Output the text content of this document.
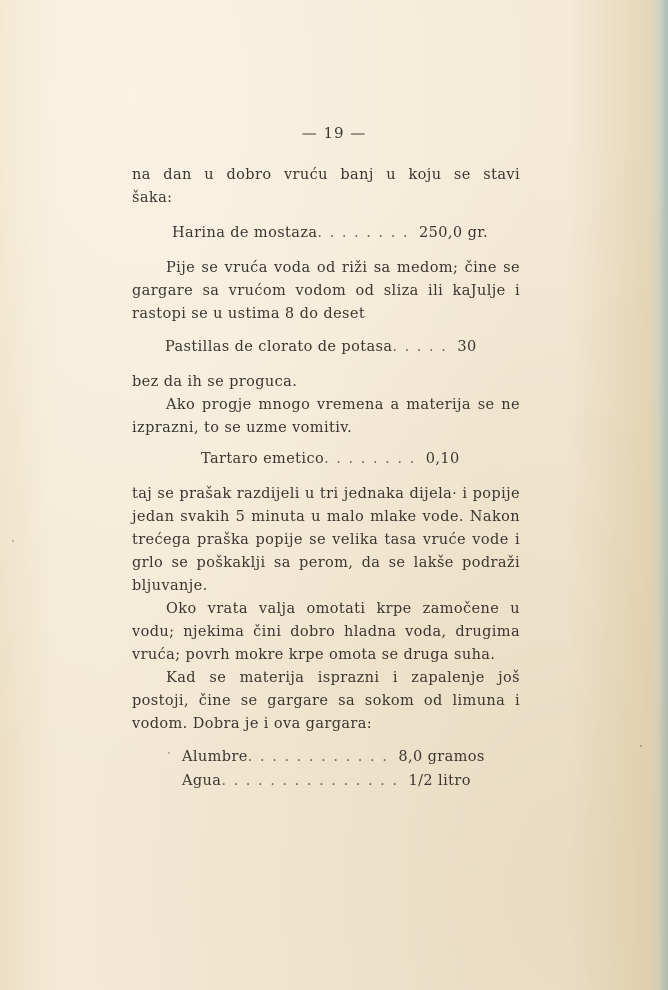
— 19 —

na dan u dobro vruću banj u koju se stavi

šaka:

Harina de mostaza. . . . . . . . 250,0 gr.

Pije se vruća voda od riži sa medom; čine se gargare sa vrućom vodom od sliza ili kaJulje i rastopi se u ustima 8 do deset

Pastillas de clorato de potasa. . . . . 30

bez da ih se proguca.

Ako progje mnogo vremena a materija se ne izprazni, to se uzme vomitiv.

Tartaro emetico. . . . . . . . 0,10

taj se prašak razdijeli u tri jednaka dijela· i popije jedan svakih 5 minuta u malo mlake vode. Nakon trećega praška popije se velika tasa vruće vode i grlo se poškaklji sa perom, da se lakše podraži bljuvanje.

Oko vrata valja omotati krpe zamočene u vodu; njekima čini dobro hladna voda, drugima vruća; povrh mokre krpe omota se druga suha.

Kad se materija isprazni i zapalenje još postoji, čine se gargare sa sokom od limuna i vodom. Dobra je i ova gargara:

Alumbre. . . . . . . . . . . . 8,0 gramos
Agua. . . . . . . . . . . . . . . 1/2 litro
